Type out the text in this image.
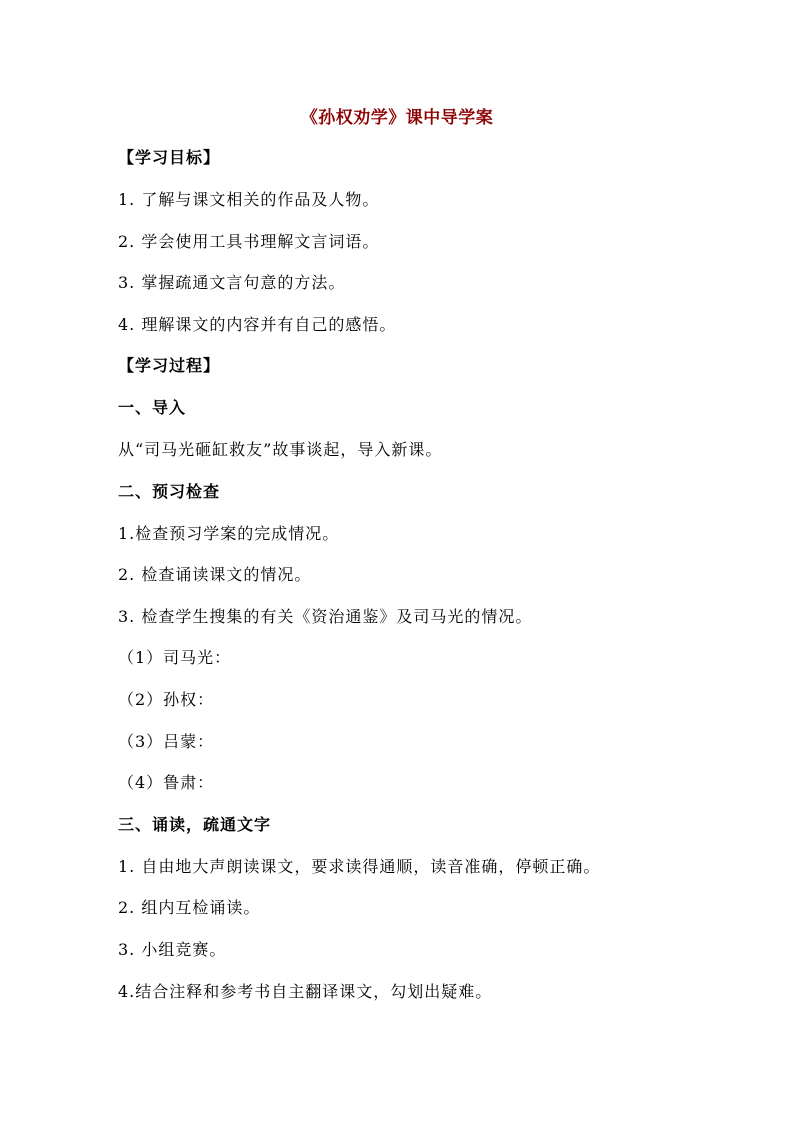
《孙权劝学》课中导学案
【学习目标】
1. 了解与课文相关的作品及人物。
2. 学会使用工具书理解文言词语。
3. 掌握疏通文言句意的方法。
4. 理解课文的内容并有自己的感悟。
【学习过程】
一、导入
从“司马光砸缸救友”故事谈起，导入新课。
二、预习检查
1.检查预习学案的完成情况。
2. 检查诵读课文的情况。
3. 检查学生搜集的有关《资治通鉴》及司马光的情况。
（1）司马光：
（2）孙权：
（3）吕蒙：
（4）鲁肃：
三、诵读，疏通文字
1. 自由地大声朗读课文，要求读得通顺，读音准确，停顿正确。
2. 组内互检诵读。
3. 小组竞赛。
4.结合注释和参考书自主翻译课文，勾划出疑难。
